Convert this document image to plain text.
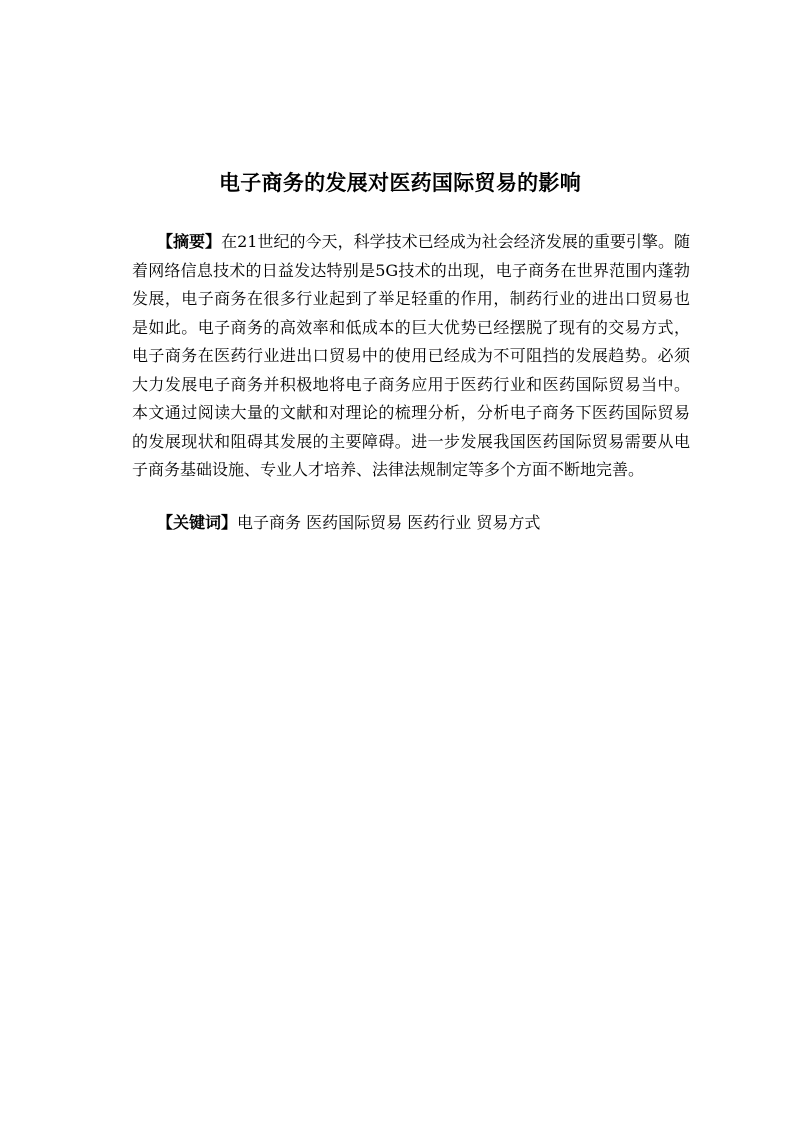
电子商务的发展对医药国际贸易的影响

【摘要】在21世纪的今天，科学技术已经成为社会经济发展的重要引擎。随着网络信息技术的日益发达特别是5G技术的出现，电子商务在世界范围内蓬勃发展，电子商务在很多行业起到了举足轻重的作用，制药行业的进出口贸易也是如此。电子商务的高效率和低成本的巨大优势已经摆脱了现有的交易方式，电子商务在医药行业进出口贸易中的使用已经成为不可阻挡的发展趋势。必须大力发展电子商务并积极地将电子商务应用于医药行业和医药国际贸易当中。本文通过阅读大量的文献和对理论的梳理分析，分析电子商务下医药国际贸易的发展现状和阻碍其发展的主要障碍。进一步发展我国医药国际贸易需要从电子商务基础设施、专业人才培养、法律法规制定等多个方面不断地完善。

【关键词】电子商务 医药国际贸易 医药行业 贸易方式
